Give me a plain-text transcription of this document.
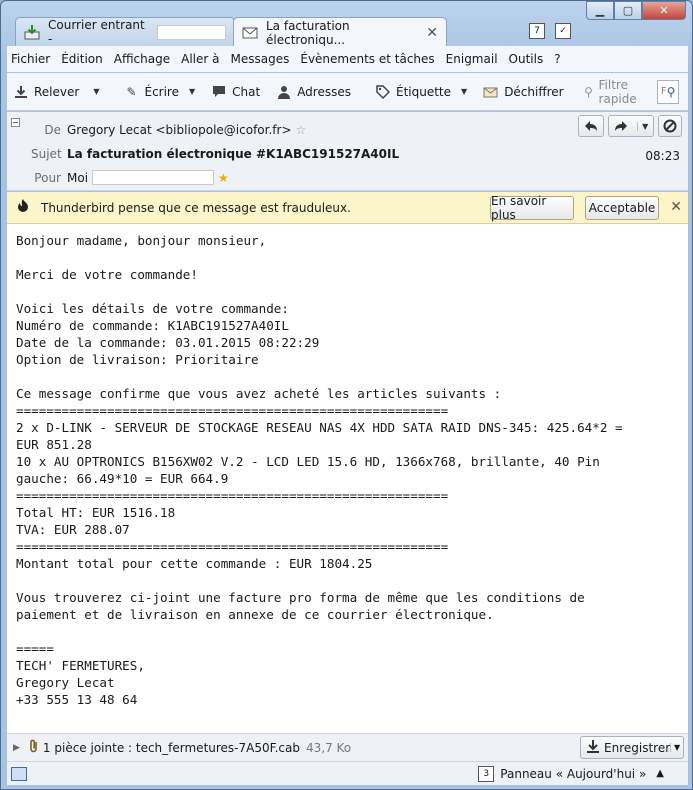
▁	▢	✕
Courrier entrant -
La facturation électroniqu...	✕	7	✓
Fichier Édition Affichage Aller à Messages Évènements et tâches Enigmail Outils ?
Relever ▼ ✎ Écrire ▼	Chat	Adresses	Étiquette ▼	Déchiffrer ⚲ Filtre rapide	F ⚲
−
De Gregory Lecat <bibliopole@icofor.fr> ☆
Sujet La facturation électronique #K1ABC191527A40IL
Pour Moi	★
▼
08:23
Thunderbird pense que ce message est frauduleux.	En savoir plus	Acceptable ✕
Bonjour madame, bonjour monsieur,
Merci de votre commande!
Voici les détails de votre commande:
Numéro de commande: K1ABC191527A40IL
Date de la commande: 03.01.2015 08:22:29
Option de livraison: Prioritaire
Ce message confirme que vous avez acheté les articles suivants :
=========================================================
2 x D-LINK - SERVEUR DE STOCKAGE RESEAU NAS 4X HDD SATA RAID DNS-345: 425.64*2 =
EUR 851.28
10 x AU OPTRONICS B156XW02 V.2 - LCD LED 15.6 HD, 1366x768, brillante, 40 Pin
gauche: 66.49*10 = EUR 664.9
=========================================================
Total HT: EUR 1516.18
TVA: EUR 288.07
=========================================================
Montant total pour cette commande : EUR 1804.25
Vous trouverez ci-joint une facture pro forma de même que les conditions de
paiement et de livraison en annexe de ce courrier électronique.
=====
TECH' FERMETURES,
Gregory Lecat
+33 555 13 48 64
▶ 1 pièce jointe : tech_fermetures-7A50F.cab 43,7 Ko	Enregistrer ▼
3 Panneau « Aujourd'hui » ▲
